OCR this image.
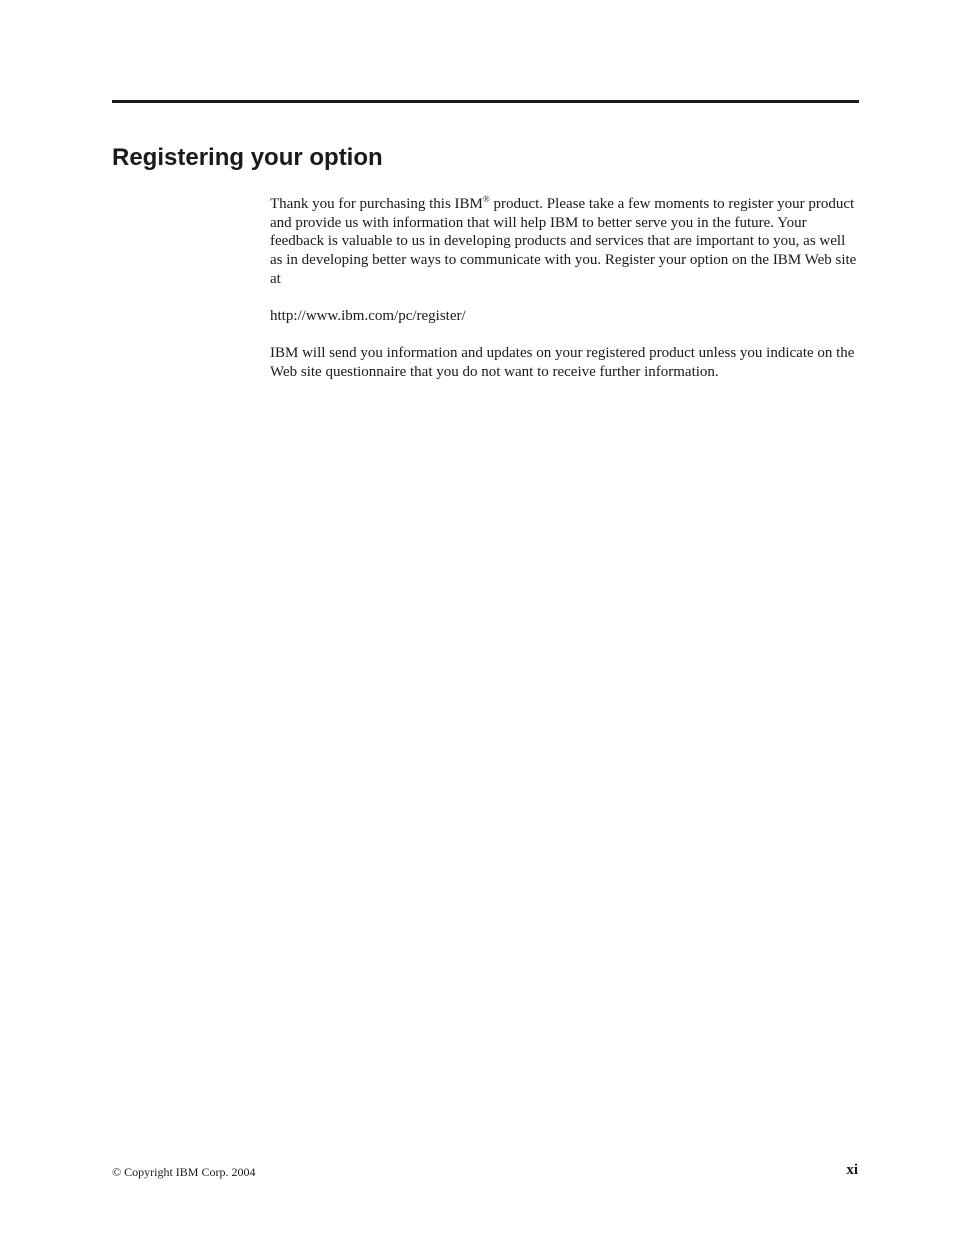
Registering your option

Thank you for purchasing this IBM® product. Please take a few moments to register your product and provide us with information that will help IBM to better serve you in the future. Your feedback is valuable to us in developing products and services that are important to you, as well as in developing better ways to communicate with you. Register your option on the IBM Web site at

http://www.ibm.com/pc/register/

IBM will send you information and updates on your registered product unless you indicate on the Web site questionnaire that you do not want to receive further information.

© Copyright IBM Corp. 2004	xi
